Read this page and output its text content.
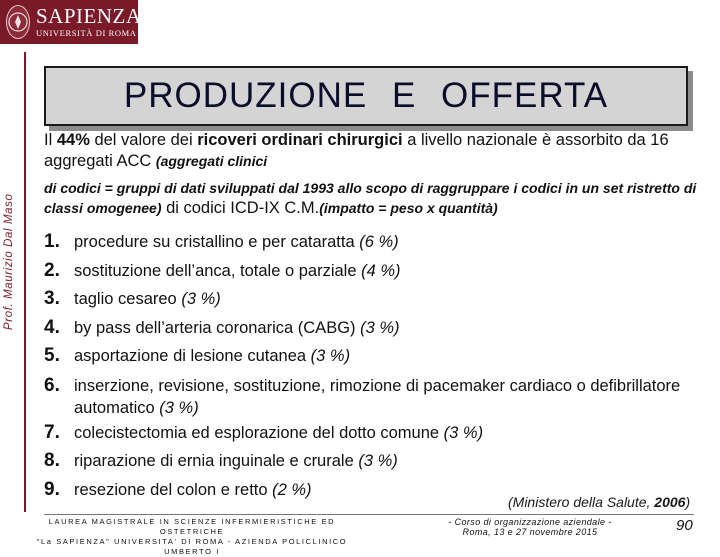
SAPIENZA
UNIVERSITÀ DI ROMA
Prof. Maurizio Dal Maso
PRODUZIONE E OFFERTA
Il 44% del valore dei ricoveri ordinari chirurgici a livello nazionale è assorbito da 16 aggregati ACC (aggregati clinici
di codici = gruppi di dati sviluppati dal 1993 allo scopo di raggruppare i codici in un set ristretto di classi omogenee) di codici ICD-IX C.M.(impatto = peso x quantità)
1. procedure su cristallino e per cataratta (6 %)
2. sostituzione dell’anca, totale o parziale (4 %)
3. taglio cesareo (3 %)
4. by pass dell’arteria coronarica (CABG) (3 %)
5. asportazione di lesione cutanea (3 %)
6. inserzione, revisione, sostituzione, rimozione di pacemaker cardiaco o defibrillatore automatico (3 %)
7. colecistectomia ed esplorazione del dotto comune (3 %)
8. riparazione di ernia inguinale e crurale (3 %)
9. resezione del colon e retto (2 %)
(Ministero della Salute, 2006)
LAUREA MAGISTRALE IN SCIENZE INFERMIERISTICHE ED OSTETRICHE
"La SAPIENZA" UNIVERSITA' DI ROMA - AZIENDA POLICLINICO UMBERTO I
- Corso di organizzazione aziendale -
Roma, 13 e 27 novembre 2015	90
